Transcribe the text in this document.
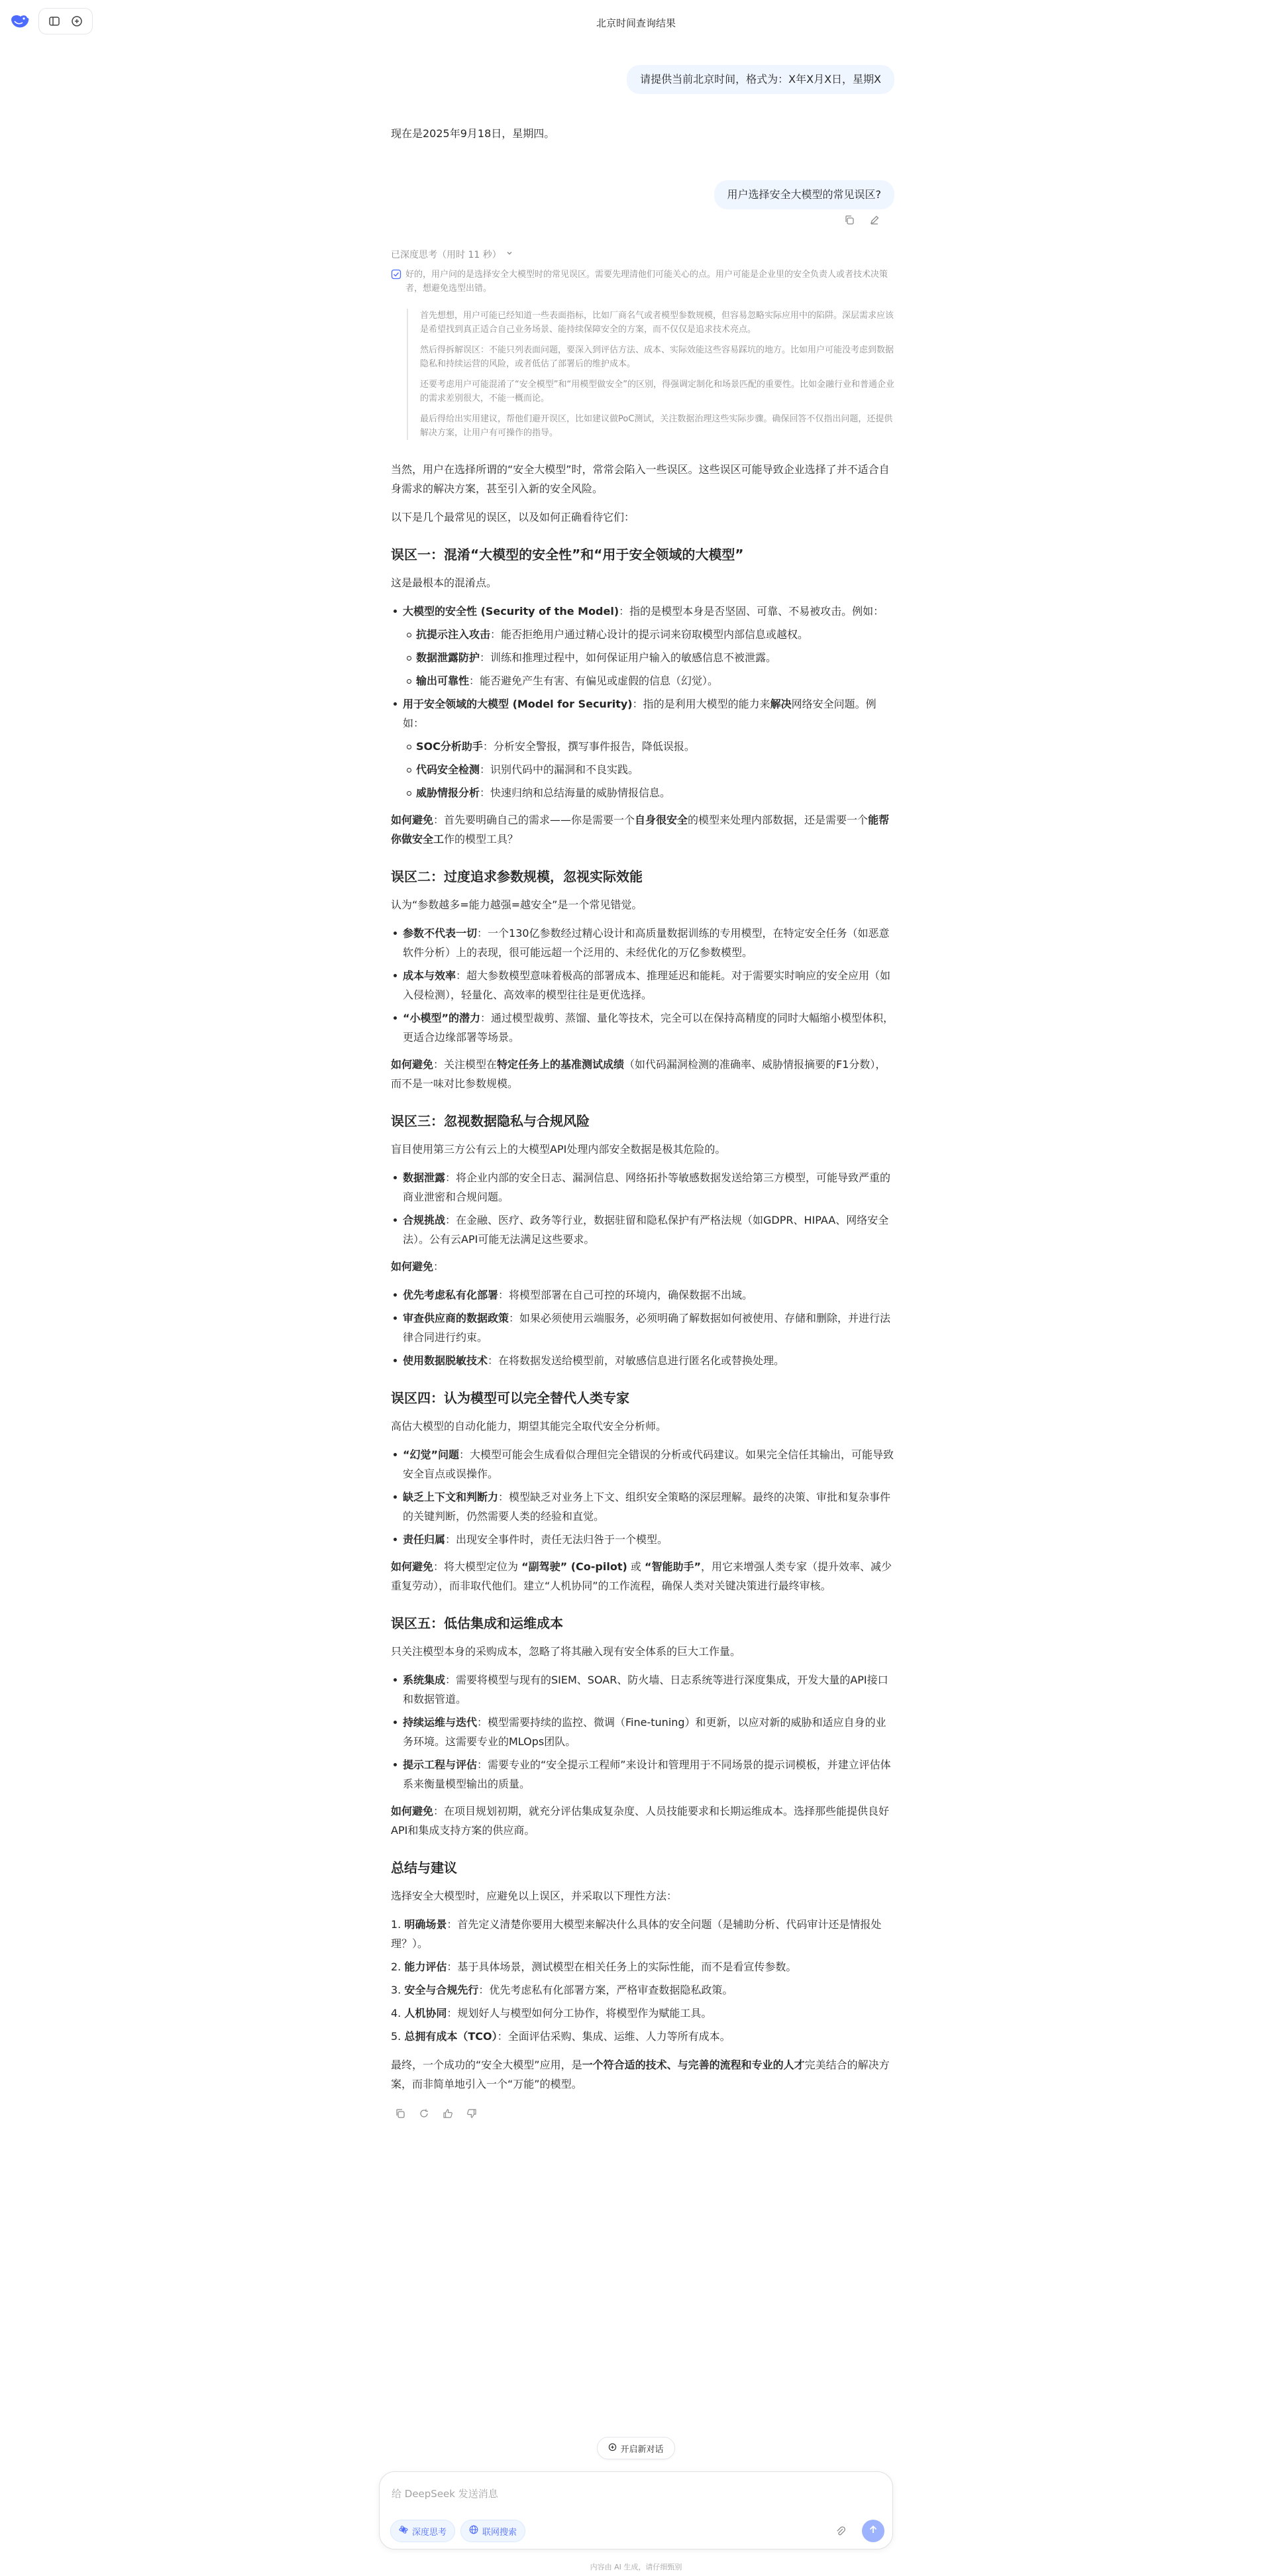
北京时间查询结果
请提供当前北京时间，格式为：X年X月X日，星期X
现在是2025年9月18日，星期四。
用户选择安全大模型的常见误区?
已深度思考（用时 11 秒）

好的，用户问的是选择安全大模型时的常见误区。需要先理清他们可能关心的点。用户可能是企业里的安全负责人或者技术决策者，想避免选型出错。

首先想想，用户可能已经知道一些表面指标，比如厂商名气或者模型参数规模，但容易忽略实际应用中的陷阱。深层需求应该是希望找到真正适合自己业务场景、能持续保障安全的方案，而不仅仅是追求技术亮点。

然后得拆解误区：不能只列表面问题，要深入到评估方法、成本、实际效能这些容易踩坑的地方。比如用户可能没考虑到数据隐私和持续运营的风险，或者低估了部署后的维护成本。

还要考虑用户可能混淆了“安全模型”和“用模型做安全”的区别，得强调定制化和场景匹配的重要性。比如金融行业和普通企业的需求差别很大，不能一概而论。

最后得给出实用建议，帮他们避开误区，比如建议做PoC测试，关注数据治理这些实际步骤。确保回答不仅指出问题，还提供解决方案，让用户有可操作的指导。

当然，用户在选择所谓的“安全大模型”时，常常会陷入一些误区。这些误区可能导致企业选择了并不适合自身需求的解决方案，甚至引入新的安全风险。

以下是几个最常见的误区，以及如何正确看待它们：

误区一：混淆“大模型的安全性”和“用于安全领域的大模型”

这是最根本的混淆点。

大模型的安全性 (Security of the Model)：指的是模型本身是否坚固、可靠、不易被攻击。例如：
抗提示注入攻击：能否拒绝用户通过精心设计的提示词来窃取模型内部信息或越权。
数据泄露防护：训练和推理过程中，如何保证用户输入的敏感信息不被泄露。
输出可靠性：能否避免产生有害、有偏见或虚假的信息（幻觉）。
用于安全领域的大模型 (Model for Security)：指的是利用大模型的能力来解决网络安全问题。例如：
SOC分析助手：分析安全警报，撰写事件报告，降低误报。
代码安全检测：识别代码中的漏洞和不良实践。
威胁情报分析：快速归纳和总结海量的威胁情报信息。

如何避免：首先要明确自己的需求——你是需要一个自身很安全的模型来处理内部数据，还是需要一个能帮你做安全工作的模型工具？

误区二：过度追求参数规模，忽视实际效能

认为“参数越多=能力越强=越安全”是一个常见错觉。

参数不代表一切：一个130亿参数经过精心设计和高质量数据训练的专用模型，在特定安全任务（如恶意软件分析）上的表现，很可能远超一个泛用的、未经优化的万亿参数模型。
成本与效率：超大参数模型意味着极高的部署成本、推理延迟和能耗。对于需要实时响应的安全应用（如入侵检测），轻量化、高效率的模型往往是更优选择。
“小模型”的潜力：通过模型裁剪、蒸馏、量化等技术，完全可以在保持高精度的同时大幅缩小模型体积，更适合边缘部署等场景。

如何避免：关注模型在特定任务上的基准测试成绩（如代码漏洞检测的准确率、威胁情报摘要的F1分数），而不是一味对比参数规模。

误区三：忽视数据隐私与合规风险

盲目使用第三方公有云上的大模型API处理内部安全数据是极其危险的。

数据泄露：将企业内部的安全日志、漏洞信息、网络拓扑等敏感数据发送给第三方模型，可能导致严重的商业泄密和合规问题。
合规挑战：在金融、医疗、政务等行业，数据驻留和隐私保护有严格法规（如GDPR、HIPAA、网络安全法）。公有云API可能无法满足这些要求。

如何避免：

优先考虑私有化部署：将模型部署在自己可控的环境内，确保数据不出域。
审查供应商的数据政策：如果必须使用云端服务，必须明确了解数据如何被使用、存储和删除，并进行法律合同进行约束。
使用数据脱敏技术：在将数据发送给模型前，对敏感信息进行匿名化或替换处理。
误区四：认为模型可以完全替代人类专家

高估大模型的自动化能力，期望其能完全取代安全分析师。

“幻觉”问题：大模型可能会生成看似合理但完全错误的分析或代码建议。如果完全信任其输出，可能导致安全盲点或误操作。
缺乏上下文和判断力：模型缺乏对业务上下文、组织安全策略的深层理解。最终的决策、审批和复杂事件的关键判断，仍然需要人类的经验和直觉。
责任归属：出现安全事件时，责任无法归咎于一个模型。

如何避免：将大模型定位为 “副驾驶” (Co-pilot) 或 “智能助手”，用它来增强人类专家（提升效率、减少重复劳动），而非取代他们。建立“人机协同”的工作流程，确保人类对关键决策进行最终审核。

误区五：低估集成和运维成本

只关注模型本身的采购成本，忽略了将其融入现有安全体系的巨大工作量。

系统集成：需要将模型与现有的SIEM、SOAR、防火墙、日志系统等进行深度集成，开发大量的API接口和数据管道。
持续运维与迭代：模型需要持续的监控、微调（Fine-tuning）和更新，以应对新的威胁和适应自身的业务环境。这需要专业的MLOps团队。
提示工程与评估：需要专业的“安全提示工程师”来设计和管理用于不同场景的提示词模板，并建立评估体系来衡量模型输出的质量。

如何避免：在项目规划初期，就充分评估集成复杂度、人员技能要求和长期运维成本。选择那些能提供良好API和集成支持方案的供应商。

总结与建议

选择安全大模型时，应避免以上误区，并采取以下理性方法：

1. 明确场景：首先定义清楚你要用大模型来解决什么具体的安全问题（是辅助分析、代码审计还是情报处理？）。
2. 能力评估：基于具体场景，测试模型在相关任务上的实际性能，而不是看宣传参数。
3. 安全与合规先行：优先考虑私有化部署方案，严格审查数据隐私政策。
4. 人机协同：规划好人与模型如何分工协作，将模型作为赋能工具。
5. 总拥有成本（TCO）：全面评估采购、集成、运维、人力等所有成本。

最终，一个成功的“安全大模型”应用，是一个符合适的技术、与完善的流程和专业的人才完美结合的解决方案，而非简单地引入一个“万能”的模型。

开启新对话
给 DeepSeek 发送消息
深度思考	联网搜索
内容由 AI 生成，请仔细甄别
